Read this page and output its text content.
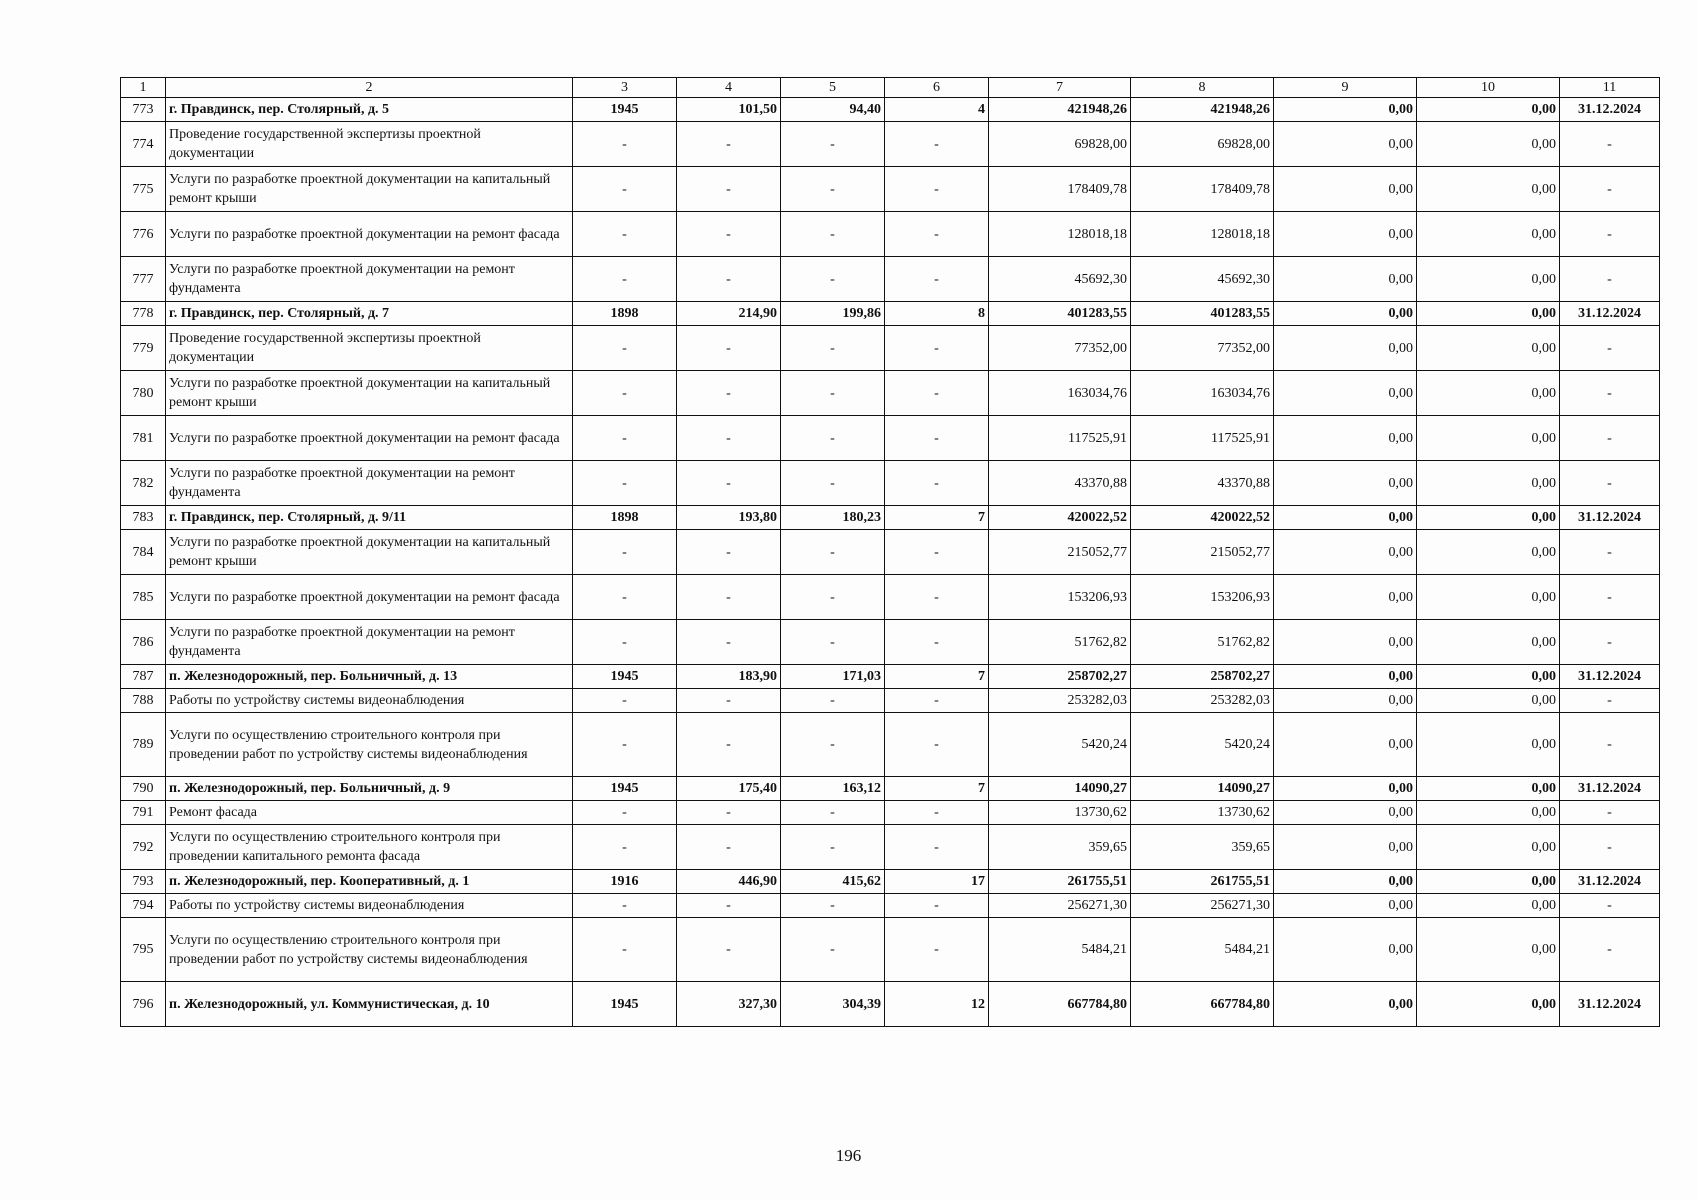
1	2	3	4	5	6	7	8	9	10	11
773	г. Правдинск, пер. Столярный, д. 5	1945	101,50	94,40	4	421948,26	421948,26	0,00	0,00	31.12.2024
774	Проведение государственной экспертизы проектной документации	-	-	-	-	69828,00	69828,00	0,00	0,00	-
775	Услуги по разработке проектной документации на капитальный ремонт крыши	-	-	-	-	178409,78	178409,78	0,00	0,00	-
776	Услуги по разработке проектной документации на ремонт фасада	-	-	-	-	128018,18	128018,18	0,00	0,00	-
777	Услуги по разработке проектной документации на ремонт фундамента	-	-	-	-	45692,30	45692,30	0,00	0,00	-
778	г. Правдинск, пер. Столярный, д. 7	1898	214,90	199,86	8	401283,55	401283,55	0,00	0,00	31.12.2024
779	Проведение государственной экспертизы проектной документации	-	-	-	-	77352,00	77352,00	0,00	0,00	-
780	Услуги по разработке проектной документации на капитальный ремонт крыши	-	-	-	-	163034,76	163034,76	0,00	0,00	-
781	Услуги по разработке проектной документации на ремонт фасада	-	-	-	-	117525,91	117525,91	0,00	0,00	-
782	Услуги по разработке проектной документации на ремонт фундамента	-	-	-	-	43370,88	43370,88	0,00	0,00	-
783	г. Правдинск, пер. Столярный, д. 9/11	1898	193,80	180,23	7	420022,52	420022,52	0,00	0,00	31.12.2024
784	Услуги по разработке проектной документации на капитальный ремонт крыши	-	-	-	-	215052,77	215052,77	0,00	0,00	-
785	Услуги по разработке проектной документации на ремонт фасада	-	-	-	-	153206,93	153206,93	0,00	0,00	-
786	Услуги по разработке проектной документации на ремонт фундамента	-	-	-	-	51762,82	51762,82	0,00	0,00	-
787	п. Железнодорожный, пер. Больничный, д. 13	1945	183,90	171,03	7	258702,27	258702,27	0,00	0,00	31.12.2024
788	Работы по устройству системы видеонаблюдения	-	-	-	-	253282,03	253282,03	0,00	0,00	-
789	Услуги по осуществлению строительного контроля при проведении работ по устройству системы видеонаблюдения	-	-	-	-	5420,24	5420,24	0,00	0,00	-
790	п. Железнодорожный, пер. Больничный, д. 9	1945	175,40	163,12	7	14090,27	14090,27	0,00	0,00	31.12.2024
791	Ремонт фасада	-	-	-	-	13730,62	13730,62	0,00	0,00	-
792	Услуги по осуществлению строительного контроля при проведении капитального ремонта фасада	-	-	-	-	359,65	359,65	0,00	0,00	-
793	п. Железнодорожный, пер. Кооперативный, д. 1	1916	446,90	415,62	17	261755,51	261755,51	0,00	0,00	31.12.2024
794	Работы по устройству системы видеонаблюдения	-	-	-	-	256271,30	256271,30	0,00	0,00	-
795	Услуги по осуществлению строительного контроля при проведении работ по устройству системы видеонаблюдения	-	-	-	-	5484,21	5484,21	0,00	0,00	-
796	п. Железнодорожный, ул. Коммунистическая, д. 10	1945	327,30	304,39	12	667784,80	667784,80	0,00	0,00	31.12.2024
196
